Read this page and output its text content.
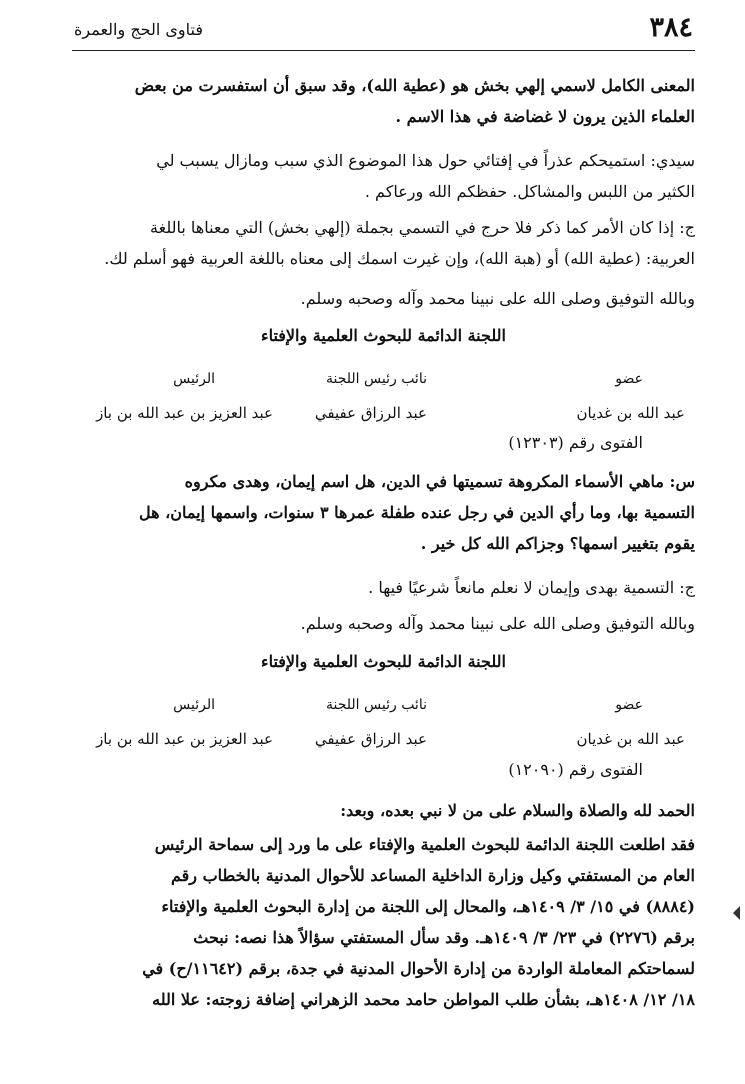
٣٨٤
فتاوى الحج والعمرة
المعنى الكامل لاسمي إلهي بخش هو (عطية الله)، وقد سبق أن استفسرت من بعض
العلماء الذين يرون لا غضاضة في هذا الاسم .
سيدي: استميحكم عذراً في إفتائي حول هذا الموضوع الذي سبب ومازال يسبب لي
الكثير من اللبس والمشاكل. حفظكم الله ورعاكم .
ج: إذا كان الأمر كما ذكر فلا حرج في التسمي بجملة (إلهي بخش) التي معناها باللغة
العربية: (عطية الله) أو (هبة الله)، وإن غيرت اسمك إلى معناه باللغة العربية فهو أسلم لك.
وبالله التوفيق وصلى الله على نبينا محمد وآله وصحبه وسلم.
اللجنة الدائمة للبحوث العلمية والإفتاء
عضو
نائب رئيس اللجنة
الرئيس
عبد الله بن غديان
عبد الرزاق عفيفي
عبد العزيز بن عبد الله بن باز
الفتوى رقم (١٢٣٠٣)
س: ماهي الأسماء المكروهة تسميتها في الدين، هل اسم إيمان، وهدى مكروه
التسمية بها، وما رأي الدين في رجل عنده طفلة عمرها ٣ سنوات، واسمها إيمان، هل
يقوم بتغيير اسمها؟ وجزاكم الله كل خير .
ج: التسمية بهدى وإيمان لا نعلم مانعاً شرعيًا فيها .
وبالله التوفيق وصلى الله على نبينا محمد وآله وصحبه وسلم.
اللجنة الدائمة للبحوث العلمية والإفتاء
عضو
نائب رئيس اللجنة
الرئيس
عبد الله بن غديان
عبد الرزاق عفيفي
عبد العزيز بن عبد الله بن باز
الفتوى رقم (١٢٠٩٠)
الحمد لله والصلاة والسلام على من لا نبي بعده، وبعد:
فقد اطلعت اللجنة الدائمة للبحوث العلمية والإفتاء على ما ورد إلى سماحة الرئيس
العام من المستفتي وكيل وزارة الداخلية المساعد للأحوال المدنية بالخطاب رقم
(٨٨٨٤) في ١٥/ ٣/ ١٤٠٩هـ، والمحال إلى اللجنة من إدارة البحوث العلمية والإفتاء
برقم (٢٢٧٦) في ٢٣/ ٣/ ١٤٠٩هـ. وقد سأل المستفتي سؤالاً هذا نصه: نبحث
لسماحتكم المعاملة الواردة من إدارة الأحوال المدنية في جدة، برقم (١١٦٤٢/ح) في
١٨/ ١٢/ ١٤٠٨هـ، بشأن طلب المواطن حامد محمد الزهراني إضافة زوجته: علا الله
